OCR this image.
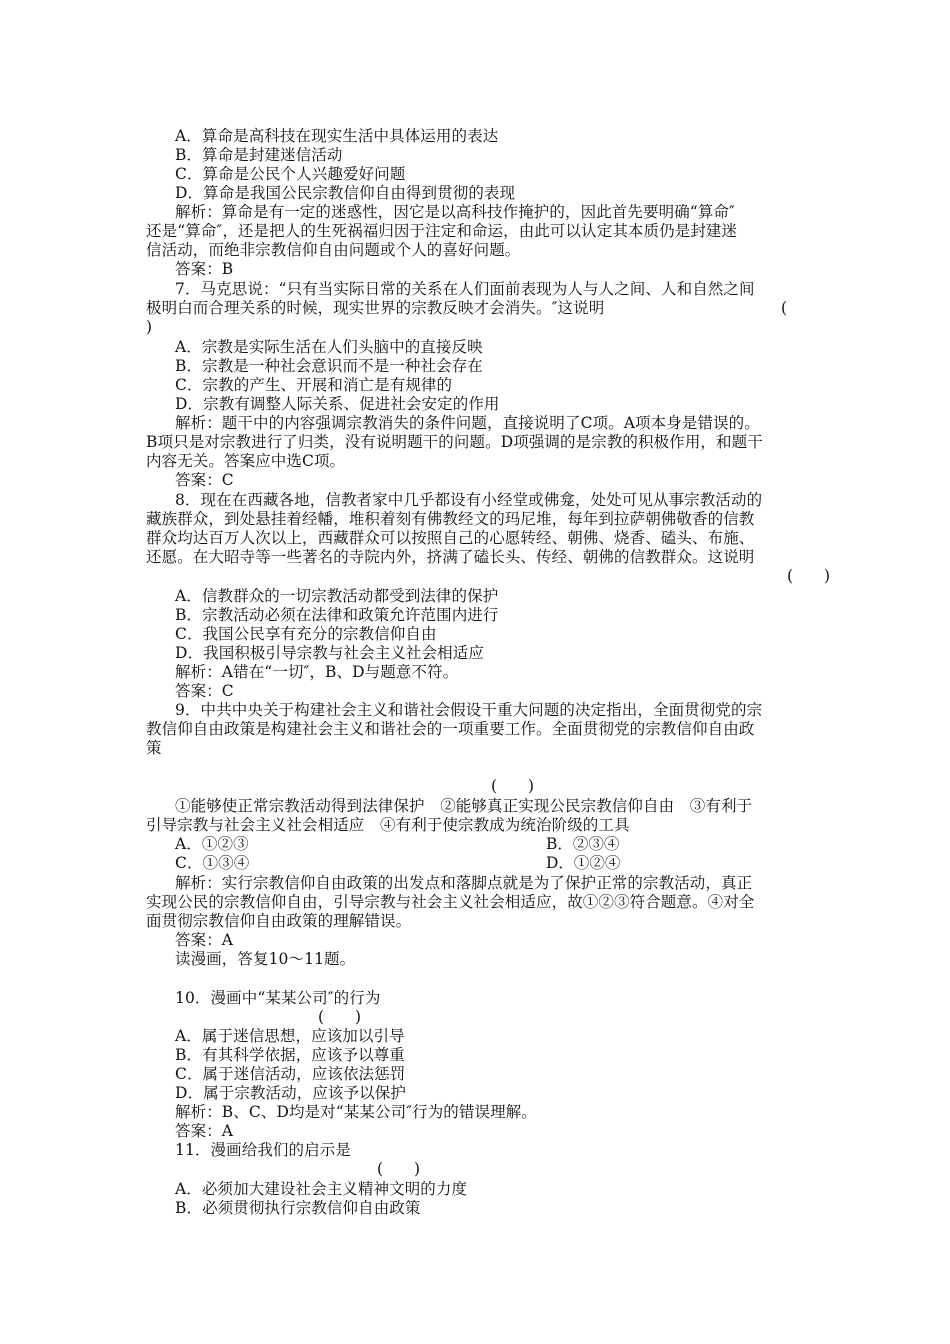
A．算命是高科技在现实生活中具体运用的表达
B．算命是封建迷信活动
C．算命是公民个人兴趣爱好问题
D．算命是我国公民宗教信仰自由得到贯彻的表现
解析：算命是有一定的迷惑性，因它是以高科技作掩护的，因此首先要明确“算命″
还是“算命″，还是把人的生死祸福归因于注定和命运，由此可以认定其本质仍是封建迷
信活动，而绝非宗教信仰自由问题或个人的喜好问题。
答案：B
7．马克思说：“只有当实际日常的关系在人们面前表现为人与人之间、人和自然之间
极明白而合理关系的时候，现实世界的宗教反映才会消失。″这说明	(
)
A．宗教是实际生活在人们头脑中的直接反映
B．宗教是一种社会意识而不是一种社会存在
C．宗教的产生、开展和消亡是有规律的
D．宗教有调整人际关系、促进社会安定的作用
解析：题干中的内容强调宗教消失的条件问题，直接说明了C项。A项本身是错误的。
B项只是对宗教进行了归类，没有说明题干的问题。D项强调的是宗教的积极作用，和题干
内容无关。答案应中选C项。
答案：C
8．现在在西藏各地，信教者家中几乎都设有小经堂或佛龛，处处可见从事宗教活动的
藏族群众，到处悬挂着经幡，堆积着刻有佛教经文的玛尼堆，每年到拉萨朝佛敬香的信教
群众均达百万人次以上，西藏群众可以按照自己的心愿转经、朝佛、烧香、磕头、布施、
还愿。在大昭寺等一些著名的寺院内外，挤满了磕长头、传经、朝佛的信教群众。这说明
(　　)
A．信教群众的一切宗教活动都受到法律的保护
B．宗教活动必须在法律和政策允许范围内进行
C．我国公民享有充分的宗教信仰自由
D．我国积极引导宗教与社会主义社会相适应
解析：A错在“一切″，B、D与题意不符。
答案：C
9．中共中央关于构建社会主义和谐社会假设干重大问题的决定指出，全面贯彻党的宗
教信仰自由政策是构建社会主义和谐社会的一项重要工作。全面贯彻党的宗教信仰自由政
策
(　　)
①能够使正常宗教活动得到法律保护　②能够真正实现公民宗教信仰自由　③有利于
引导宗教与社会主义社会相适应　④有利于使宗教成为统治阶级的工具
A．①②③	B．②③④
C．①③④	D．①②④
解析：实行宗教信仰自由政策的出发点和落脚点就是为了保护正常的宗教活动，真正
实现公民的宗教信仰自由，引导宗教与社会主义社会相适应，故①②③符合题意。④对全
面贯彻宗教信仰自由政策的理解错误。
答案：A
读漫画，答复10～11题。
10．漫画中“某某公司″的行为
(　　)
A．属于迷信思想，应该加以引导
B．有其科学依据，应该予以尊重
C．属于迷信活动，应该依法惩罚
D．属于宗教活动，应该予以保护
解析：B、C、D均是对“某某公司″行为的错误理解。
答案：A
11．漫画给我们的启示是
(　　)
A．必须加大建设社会主义精神文明的力度
B．必须贯彻执行宗教信仰自由政策
